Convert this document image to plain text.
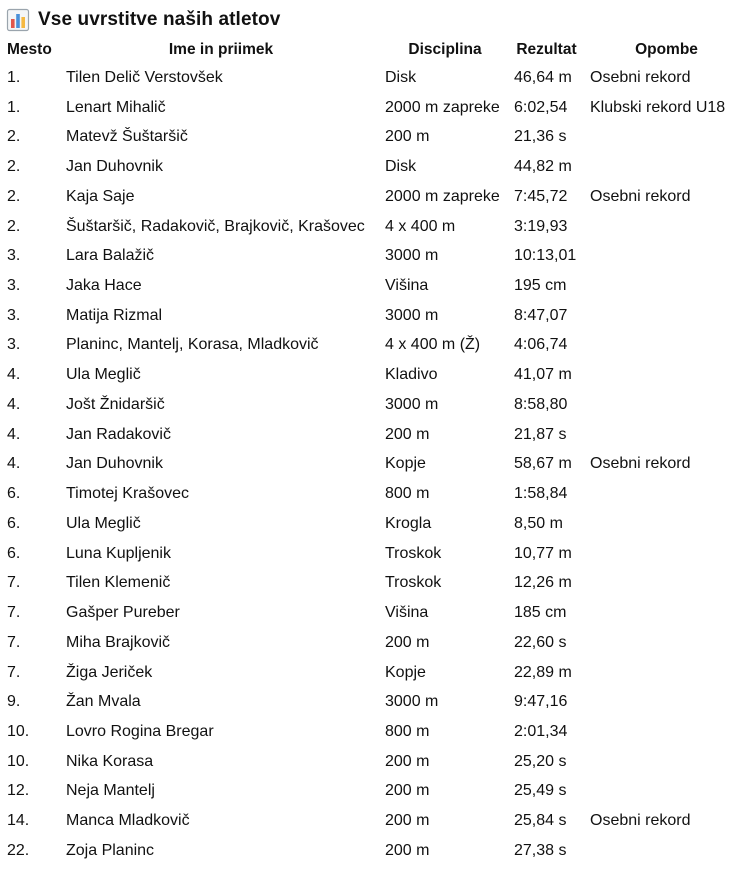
Vse uvrstitve naših atletov
Mesto	Ime in priimek	Disciplina	Rezultat	Opombe
1.	Tilen Delič Verstovšek	Disk	46,64 m	Osebni rekord
1.	Lenart Mihalič	2000 m zapreke	6:02,54	Klubski rekord U18
2.	Matevž Šuštaršič	200 m	21,36 s	
2.	Jan Duhovnik	Disk	44,82 m	
2.	Kaja Saje	2000 m zapreke	7:45,72	Osebni rekord
2.	Šuštaršič, Radakovič, Brajkovič, Krašovec	4 x 400 m	3:19,93	
3.	Lara Balažič	3000 m	10:13,01	
3.	Jaka Hace	Višina	195 cm	
3.	Matija Rizmal	3000 m	8:47,07	
3.	Planinc, Mantelj, Korasa, Mladkovič	4 x 400 m (Ž)	4:06,74	
4.	Ula Meglič	Kladivo	41,07 m	
4.	Jošt Žnidaršič	3000 m	8:58,80	
4.	Jan Radakovič	200 m	21,87 s	
4.	Jan Duhovnik	Kopje	58,67 m	Osebni rekord
6.	Timotej Krašovec	800 m	1:58,84	
6.	Ula Meglič	Krogla	8,50 m	
6.	Luna Kupljenik	Troskok	10,77 m	
7.	Tilen Klemenič	Troskok	12,26 m	
7.	Gašper Pureber	Višina	185 cm	
7.	Miha Brajkovič	200 m	22,60 s	
7.	Žiga Jeriček	Kopje	22,89 m	
9.	Žan Mvala	3000 m	9:47,16	
10.	Lovro Rogina Bregar	800 m	2:01,34	
10.	Nika Korasa	200 m	25,20 s	
12.	Neja Mantelj	200 m	25,49 s	
14.	Manca Mladkovič	200 m	25,84 s	Osebni rekord
22.	Zoja Planinc	200 m	27,38 s	
